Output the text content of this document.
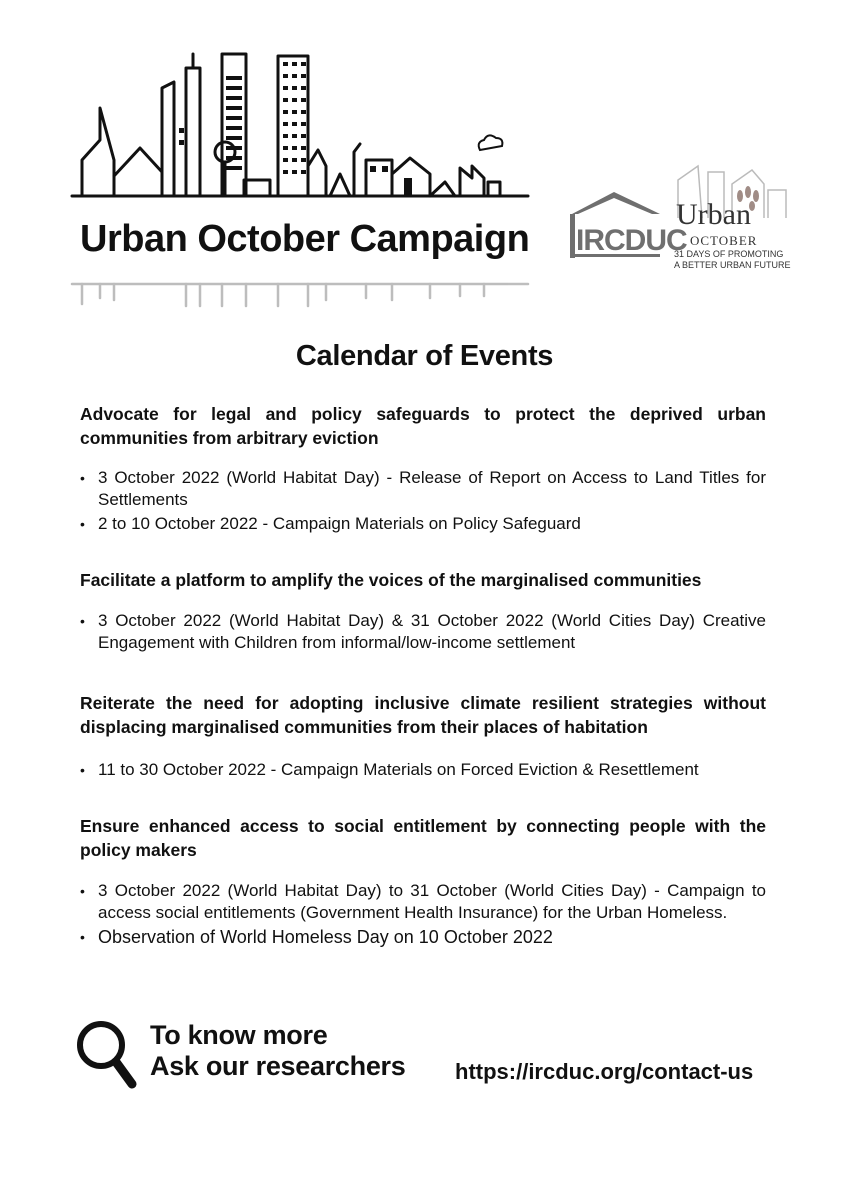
Urban October Campaign IRCDUC
Urban
OCTOBER
31 DAYS OF PROMOTING
A BETTER URBAN FUTURE
Calendar of Events
Advocate for legal and policy safeguards to protect the deprived urban communities from arbitrary eviction
• 3 October 2022 (World Habitat Day) - Release of Report on Access to Land Titles for Settlements
• 2 to 10 October 2022 - Campaign Materials on Policy Safeguard
Facilitate a platform to amplify the voices of the marginalised communities
• 3 October 2022 (World Habitat Day) & 31 October 2022 (World Cities Day) Creative Engagement with Children from informal/low-income settlement
Reiterate the need for adopting inclusive climate resilient strategies without displacing marginalised communities from their places of habitation
• 11 to 30 October 2022 - Campaign Materials on Forced Eviction & Resettlement
Ensure enhanced access to social entitlement by connecting people with the policy makers
• 3 October 2022 (World Habitat Day) to 31 October (World Cities Day) - Campaign to access social entitlements (Government Health Insurance) for the Urban Homeless.
• Observation of World Homeless Day on 10 October 2022
To know more
Ask our researchers https://ircduc.org/contact-us
